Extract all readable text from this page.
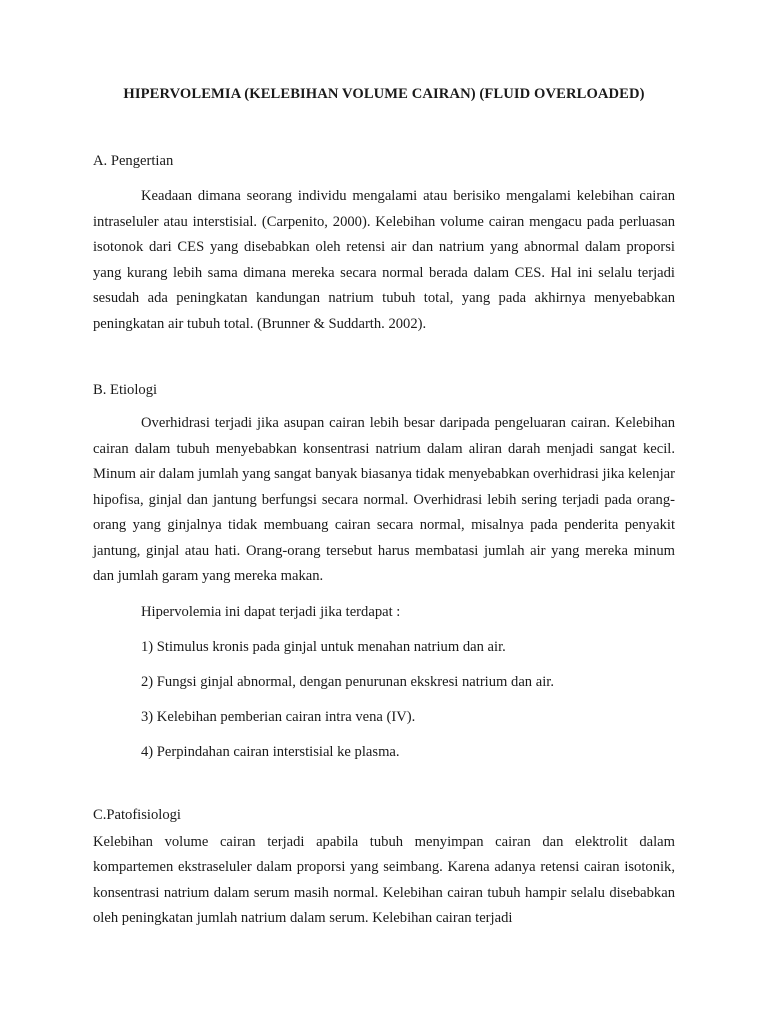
HIPERVOLEMIA (KELEBIHAN VOLUME CAIRAN) (FLUID OVERLOADED)
A. Pengertian

Keadaan dimana seorang individu mengalami atau berisiko mengalami kelebihan cairan intraseluler atau interstisial. (Carpenito, 2000). Kelebihan volume cairan mengacu pada perluasan isotonok dari CES yang disebabkan oleh retensi air dan natrium yang abnormal dalam proporsi yang kurang lebih sama dimana mereka secara normal berada dalam CES. Hal ini selalu terjadi sesudah ada peningkatan kandungan natrium tubuh total, yang pada akhirnya menyebabkan peningkatan air tubuh total. (Brunner & Suddarth. 2002).

B. Etiologi

Overhidrasi terjadi jika asupan cairan lebih besar daripada pengeluaran cairan. Kelebihan cairan dalam tubuh menyebabkan konsentrasi natrium dalam aliran darah menjadi sangat kecil. Minum air dalam jumlah yang sangat banyak biasanya tidak menyebabkan overhidrasi jika kelenjar hipofisa, ginjal dan jantung berfungsi secara normal. Overhidrasi lebih sering terjadi pada orang-orang yang ginjalnya tidak membuang cairan secara normal, misalnya pada penderita penyakit jantung, ginjal atau hati. Orang-orang tersebut harus membatasi jumlah air yang mereka minum dan jumlah garam yang mereka makan.

Hipervolemia ini dapat terjadi jika terdapat :

1) Stimulus kronis pada ginjal untuk menahan natrium dan air.

2) Fungsi ginjal abnormal, dengan penurunan ekskresi natrium dan air.

3) Kelebihan pemberian cairan intra vena (IV).

4) Perpindahan cairan interstisial ke plasma.

C.Patofisiologi

Kelebihan volume cairan terjadi apabila tubuh menyimpan cairan dan elektrolit dalam kompartemen ekstraseluler dalam proporsi yang seimbang. Karena adanya retensi cairan isotonik, konsentrasi natrium dalam serum masih normal. Kelebihan cairan tubuh hampir selalu disebabkan oleh peningkatan jumlah natrium dalam serum. Kelebihan cairan terjadi
